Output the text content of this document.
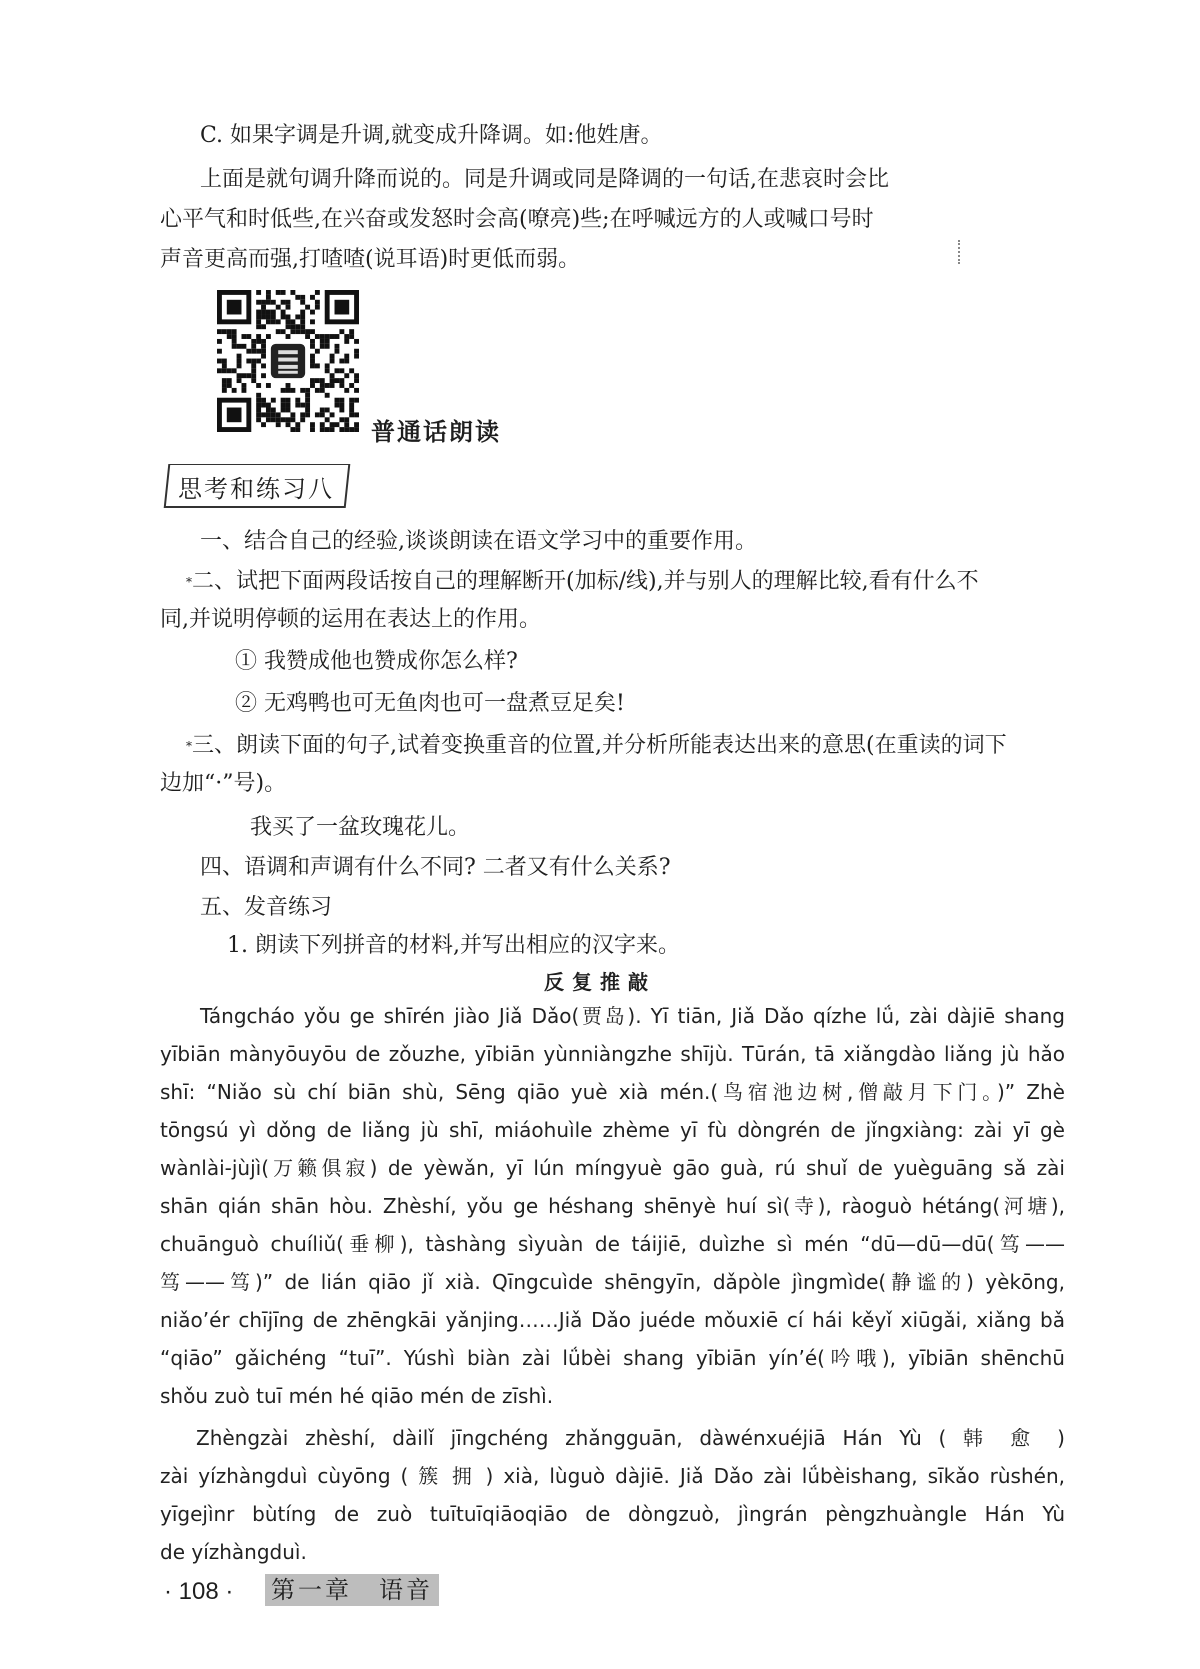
C. 如果字调是升调,就变成升降调。如:他姓唐。
上面是就句调升降而说的。同是升调或同是降调的一句话,在悲哀时会比
心平气和时低些,在兴奋或发怒时会高(嘹亮)些;在呼喊远方的人或喊口号时
声音更高而强,打喳喳(说耳语)时更低而弱。
普通话朗读
思考和练习八
一、结合自己的经验,谈谈朗读在语文学习中的重要作用。
*二、试把下面两段话按自己的理解断开(加标/线),并与别人的理解比较,看有什么不
同,并说明停顿的运用在表达上的作用。
① 我赞成他也赞成你怎么样?
② 无鸡鸭也可无鱼肉也可一盘煮豆足矣!
*三、朗读下面的句子,试着变换重音的位置,并分析所能表达出来的意思(在重读的词下
边加“·”号)。
我买了一盆玫瑰花儿。
四、语调和声调有什么不同? 二者又有什么关系?
五、发音练习
1. 朗读下列拼音的材料,并写出相应的汉字来。
反复推敲
Tángcháo yǒu ge shīrén jiào Jiǎ Dǎo(贾岛). Yī tiān, Jiǎ Dǎo qízhe lǘ, zài dàjiē shang
yībiān mànyōuyōu de zǒuzhe, yībiān yùnniàngzhe shījù. Tūrán, tā xiǎngdào liǎng jù hǎo
shī: “Niǎo sù chí biān shù, Sēng qiāo yuè xià mén.(鸟宿池边树,僧敲月下门。)” Zhè
tōngsú yì dǒng de liǎng jù shī, miáohuìle zhème yī fù dòngrén de jǐngxiàng: zài yī gè
wànlài-jùjì(万籁俱寂) de yèwǎn, yī lún míngyuè gāo guà, rú shuǐ de yuèguāng sǎ zài
shān qián shān hòu. Zhèshí, yǒu ge héshang shēnyè huí sì(寺), ràoguò hétáng(河塘),
chuānguò chuíliǔ(垂柳), tàshàng sìyuàn de táijiē, duìzhe sì mén “dū—dū—dū(笃——
笃——笃)” de lián qiāo jǐ xià. Qīngcuìde shēngyīn, dǎpòle jìngmìde(静谧的) yèkōng,
niǎo’ér chījīng de zhēngkāi yǎnjing……Jiǎ Dǎo juéde mǒuxiē cí hái kěyǐ xiūgǎi, xiǎng bǎ
“qiāo” gǎichéng “tuī”. Yúshì biàn zài lǘbèi shang yībiān yín’é(吟哦), yībiān shēnchū
shǒu zuò tuī mén hé qiāo mén de zīshì.
Zhèngzài zhèshí, dàilǐ jīngchéng zhǎngguān, dàwénxuéjiā Hán Yù ( 韩 愈 )
zài yízhàngduì cùyōng ( 簇 拥 ) xià, lùguò dàjiē. Jiǎ Dǎo zài lǘbèishang, sīkǎo rùshén,
yīgejìnr bùtíng de zuò tuītuīqiāoqiāo de dòngzuò, jìngrán pèngzhuàngle Hán Yù
de yízhàngduì.
· 108 · 第一章　语音
